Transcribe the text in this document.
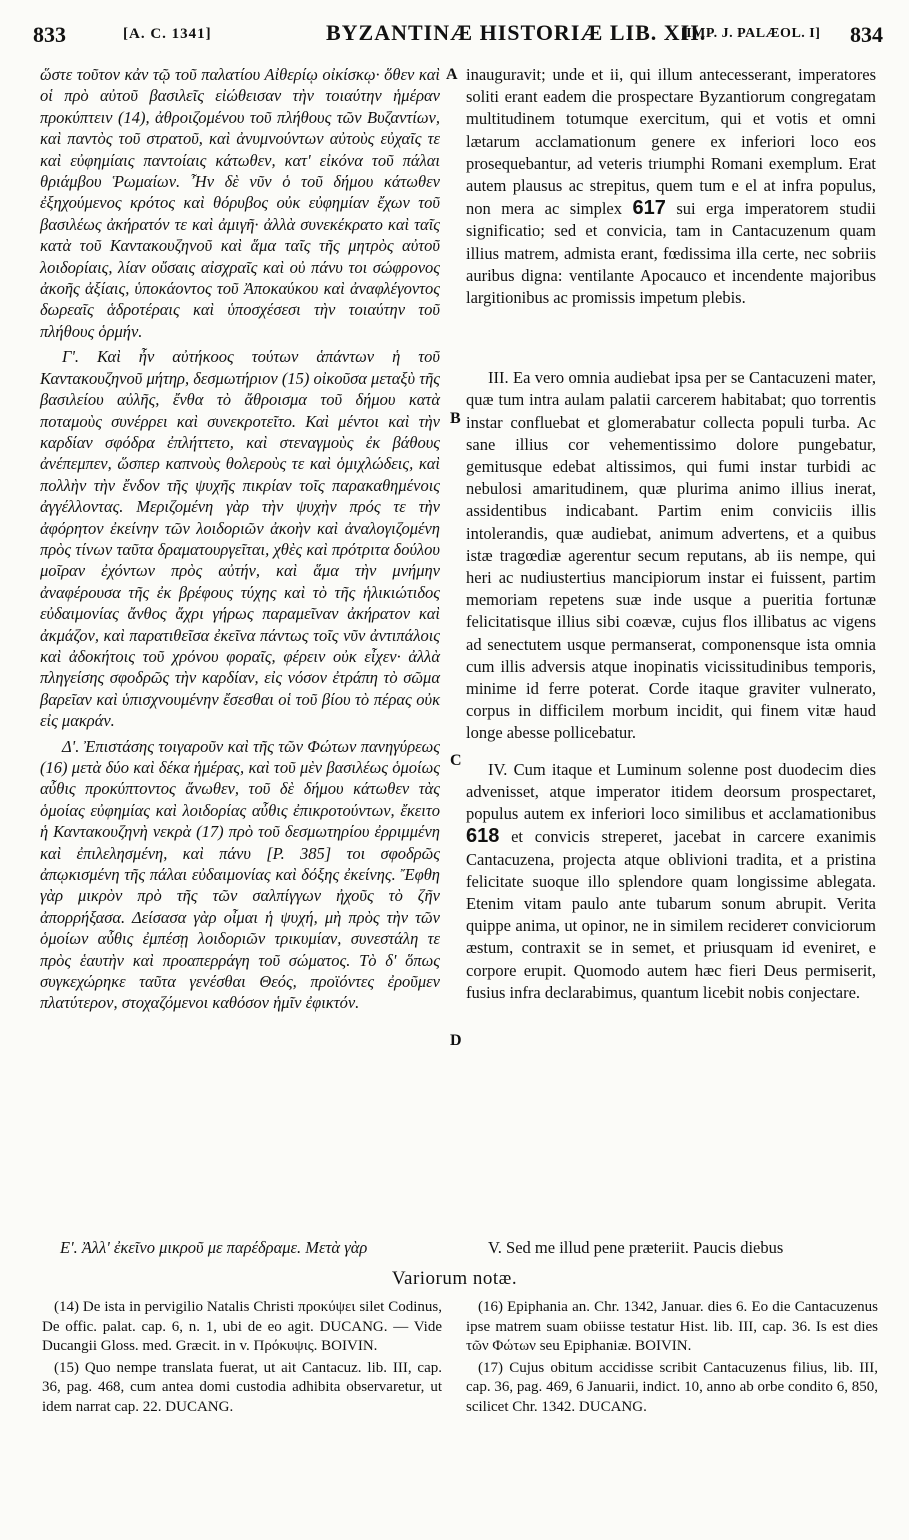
833	[A. C. 1341]	BYZANTINÆ HISTORIÆ LIB. XII.
[IMP. J. PALÆOL. I] 834
A
B
C
D

ὥστε τοῦτον κἀν τῷ τοῦ παλατίου Αἰθερίῳ οἰκίσκῳ· ὅθεν καὶ οἱ πρὸ αὐτοῦ βασιλεῖς εἰώθεισαν τὴν τοιαύτην ἡμέραν προκύπτειν (14), ἀθροιζομένου τοῦ πλήθους τῶν Βυζαντίων, καὶ παντὸς τοῦ στρατοῦ, καὶ ἀνυμνούντων αὐτοὺς εὐχαῖς τε καὶ εὐφημίαις παντοίαις κάτωθεν, κατ' εἰκόνα τοῦ πάλαι θριάμβου Ῥωμαίων. Ἦν δὲ νῦν ὁ τοῦ δήμου κάτωθεν ἐξηχούμενος κρότος καὶ θόρυβος οὐκ εὐφημίαν ἔχων τοῦ βασιλέως ἀκήρατόν τε καὶ ἀμιγῆ· ἀλλὰ συνεκέκρατο καὶ ταῖς κατὰ τοῦ Καντακουζηνοῦ καὶ ἅμα ταῖς τῆς μητρὸς αὐτοῦ λοιδορίαις, λίαν οὔσαις αἰσχραῖς καὶ οὐ πάνυ τοι σώφρονος ἀκοῆς ἀξίαις, ὑποκάοντος τοῦ Ἀποκαύκου καὶ ἀναφλέγοντος δωρεαῖς ἁδροτέραις καὶ ὑποσχέσεσι τὴν τοιαύτην τοῦ πλήθους ὁρμήν.

Γ'. Καὶ ἦν αὐτήκοος τούτων ἁπάντων ἡ τοῦ Καντακουζηνοῦ μήτηρ, δεσμωτήριον (15) οἰκοῦσα μεταξὺ τῆς βασιλείου αὐλῆς, ἔνθα τὸ ἄθροισμα τοῦ δήμου κατὰ ποταμοὺς συνέρρει καὶ συνεκροτεῖτο. Καὶ μέντοι καὶ τὴν καρδίαν σφόδρα ἐπλήττετο, καὶ στεναγμοὺς ἐκ βάθους ἀνέπεμπεν, ὥσπερ καπνοὺς θολεροὺς τε καὶ ὁμιχλώδεις, καὶ πολλὴν τὴν ἔνδον τῆς ψυχῆς πικρίαν τοῖς παρακαθημένοις ἀγγέλλοντας. Μεριζομένη γὰρ τὴν ψυχὴν πρός τε τὴν ἀφόρητον ἐκείνην τῶν λοιδοριῶν ἀκοὴν καὶ ἀναλογιζομένη πρὸς τίνων ταῦτα δραματουργεῖται, χθὲς καὶ πρότριτα δούλου μοῖραν ἐχόντων πρὸς αὐτήν, καὶ ἅμα τὴν μνήμην ἀναφέρουσα τῆς ἐκ βρέφους τύχης καὶ τὸ τῆς ἡλικιώτιδος εὐδαιμονίας ἄνθος ἄχρι γήρως παραμεῖναν ἀκήρατον καὶ ἀκμάζον, καὶ παρατιθεῖσα ἐκεῖνα πάντως τοῖς νῦν ἀντιπάλοις καὶ ἀδοκήτοις τοῦ χρόνου φοραῖς, φέρειν οὐκ εἶχεν· ἀλλὰ πληγείσης σφοδρῶς τὴν καρδίαν, εἰς νόσον ἐτράπη τὸ σῶμα βαρεῖαν καὶ ὑπισχνουμένην ἔσεσθαι οἱ τοῦ βίου τὸ πέρας οὐκ εἰς μακράν.

Δ'. Ἐπιστάσης τοιγαροῦν καὶ τῆς τῶν Φώτων πανηγύρεως (16) μετὰ δύο καὶ δέκα ἡμέρας, καὶ τοῦ μὲν βασιλέως ὁμοίως αὖθις προκύπτοντος ἄνωθεν, τοῦ δὲ δήμου κάτωθεν τὰς ὁμοίας εὐφημίας καὶ λοιδορίας αὖθις ἐπικροτούντων, ἔκειτο ἡ Καντακουζηνὴ νεκρὰ (17) πρὸ τοῦ δεσμωτηρίου ἐρριμμένη καὶ ἐπιλελησμένη, καὶ πάνυ [P. 385] τοι σφοδρῶς ἀπῳκισμένη τῆς πάλαι εὐδαιμονίας καὶ δόξης ἐκείνης. Ἔφθη γὰρ μικρὸν πρὸ τῆς τῶν σαλπίγγων ἠχοῦς τὸ ζῆν ἀπορρήξασα. Δείσασα γὰρ οἶμαι ἡ ψυχή, μὴ πρὸς τὴν τῶν ὁμοίων αὖθις ἐμπέσῃ λοιδοριῶν τρικυμίαν, συνεστάλη τε πρὸς ἑαυτὴν καὶ προαπερράγη τοῦ σώματος. Τὸ δ' ὅπως συγκεχώρηκε ταῦτα γενέσθαι Θεός, προϊόντες ἐροῦμεν πλατύτερον, στοχαζόμενοι καθόσον ἡμῖν ἐφικτόν.

inauguravit; unde et ii, qui illum antecesserant, imperatores soliti erant eadem die prospectare Byzantiorum congregatam multitudinem totumque exercitum, qui et votis et omni lætarum acclamationum genere ex inferiori loco eos prosequebantur, ad veteris triumphi Romani exemplum. Erat autem plausus ac strepitus, quem tum e el at infra populus, non mera ac simplex 617 sui erga imperatorem studii significatio; sed et convicia, tam in Cantacuzenum quam illius matrem, admista erant, fœdissima illa certe, nec sobriis auribus digna: ventilante Apocauco et incendente majoribus largitionibus ac promissis impetum plebis.

III. Ea vero omnia audiebat ipsa per se Cantacuzeni mater, quæ tum intra aulam palatii carcerem habitabat; quo torrentis instar confluebat et glomerabatur collecta populi turba. Ac sane illius cor vehementissimo dolore pungebatur, gemitusque edebat altissimos, qui fumi instar turbidi ac nebulosi amaritudinem, quæ plurima animo illius inerat, assidentibus indicabant. Partim enim conviciis illis intolerandis, quæ audiebat, animum advertens, et a quibus istæ tragœdiæ agerentur secum reputans, ab iis nempe, qui heri ac nudiustertius mancipiorum instar ei fuissent, partim memoriam repetens suæ inde usque a pueritia fortunæ felicitatisque illius sibi coævæ, cujus flos illibatus ac vigens ad senectutem usque permanserat, componensque ista omnia cum illis adversis atque inopinatis vicissitudinibus temporis, minime id ferre poterat. Corde itaque graviter vulnerato, corpus in difficilem morbum incidit, qui finem vitæ haud longe abesse pollicebatur.

IV. Cum itaque et Luminum solenne post duodecim dies advenisset, atque imperator itidem deorsum prospectaret, populus autem ex inferiori loco similibus et acclamationibus 618 et convicis streperet, jacebat in carcere exanimis Cantacuzena, projecta atque oblivioni tradita, et a pristina felicitate suoque illo splendore quam longissime ablegata. Etenim vitam paulo ante tubarum sonum abrupit. Verita quippe anima, ut opinor, ne in similem reciderет conviciorum æstum, contraxit se in semet, et priusquam id eveniret, e corpore erupit. Quomodo autem hæc fieri Deus permiserit, fusius infra declarabimus, quantum licebit nobis conjectare.

Ε'. Ἀλλ' ἐκεῖνο μικροῦ με παρέδραμε. Μετὰ γὰρ	V. Sed me illud pene præteriit. Paucis diebus
Variorum notæ.

(14) De ista in pervigilio Natalis Christi προκύψει silet Codinus, De offic. palat. cap. 6, n. 1, ubi de eo agit. DUCANG. — Vide Ducangii Gloss. med. Græcit. in v. Πρόκυψις. BOIVIN.

(15) Quo nempe translata fuerat, ut ait Cantacuz. lib. III, cap. 36, pag. 468, cum antea domi custodia adhibita observaretur, ut idem narrat cap. 22. DUCANG.

(16) Epiphania an. Chr. 1342, Januar. dies 6. Eo die Cantacuzenus ipse matrem suam obiisse testatur Hist. lib. III, cap. 36. Is est dies τῶν Φώτων seu Epiphaniæ. BOIVIN.

(17) Cujus obitum accidisse scribit Cantacuzenus filius, lib. III, cap. 36, pag. 469, 6 Januarii, indict. 10, anno ab orbe condito 6, 850, scilicet Chr. 1342. DUCANG.
